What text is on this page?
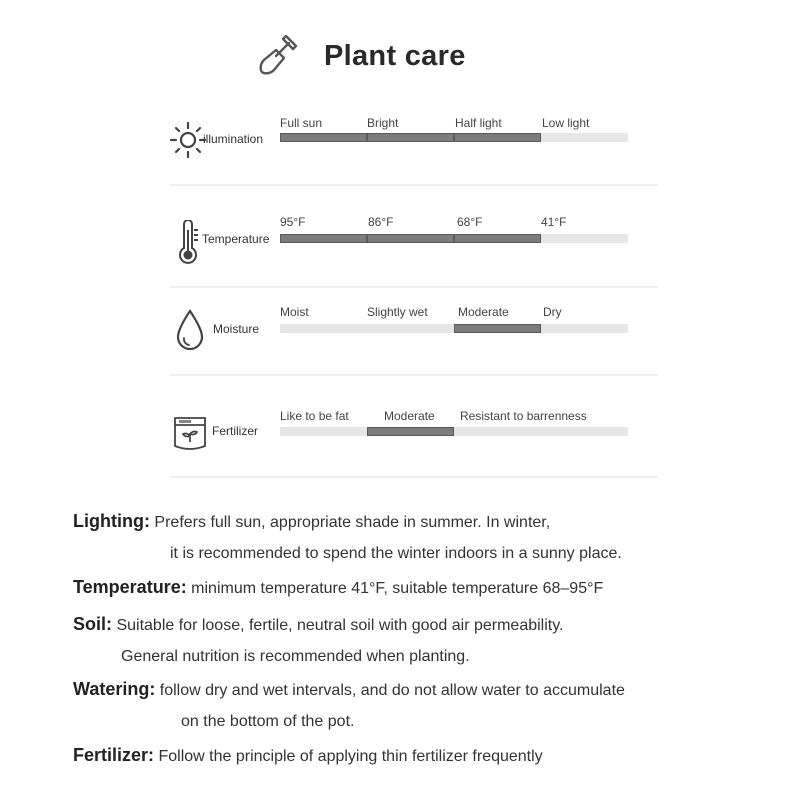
Plant care
illumination
Full sun	Bright	Half light	Low light
Temperature
95°F	86°F	68°F	41°F
Moisture
Moist	Slightly wet	Moderate	Dry
Fertilizer
Like to be fat	Moderate Resistant to barrenness
Lighting: Prefers full sun, appropriate shade in summer. In winter,
it is recommended to spend the winter indoors in a sunny place.
Temperature: minimum temperature 41°F, suitable temperature 68–95°F
Soil: Suitable for loose, fertile, neutral soil with good air permeability.
General nutrition is recommended when planting.
Watering: follow dry and wet intervals, and do not allow water to accumulate
on the bottom of the pot.
Fertilizer: Follow the principle of applying thin fertilizer frequently
